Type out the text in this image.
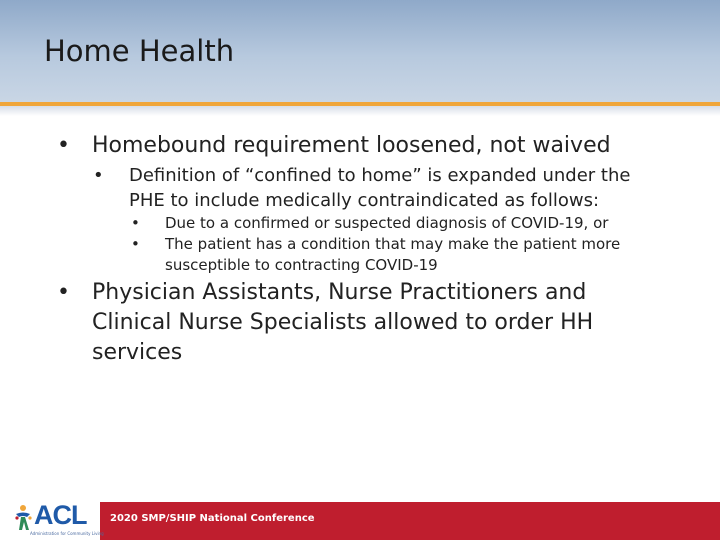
Home Health
• Homebound requirement loosened, not waived
• Definition of “confined to home” is expanded under the
PHE to include medically contraindicated as follows:
• Due to a confirmed or suspected diagnosis of COVID-19, or
• The patient has a condition that may make the patient more
susceptible to contracting COVID-19
• Physician Assistants, Nurse Practitioners and
Clinical Nurse Specialists allowed to order HH
services
2020 SMP/SHIP National Conference
ACL
Administration for Community Living
